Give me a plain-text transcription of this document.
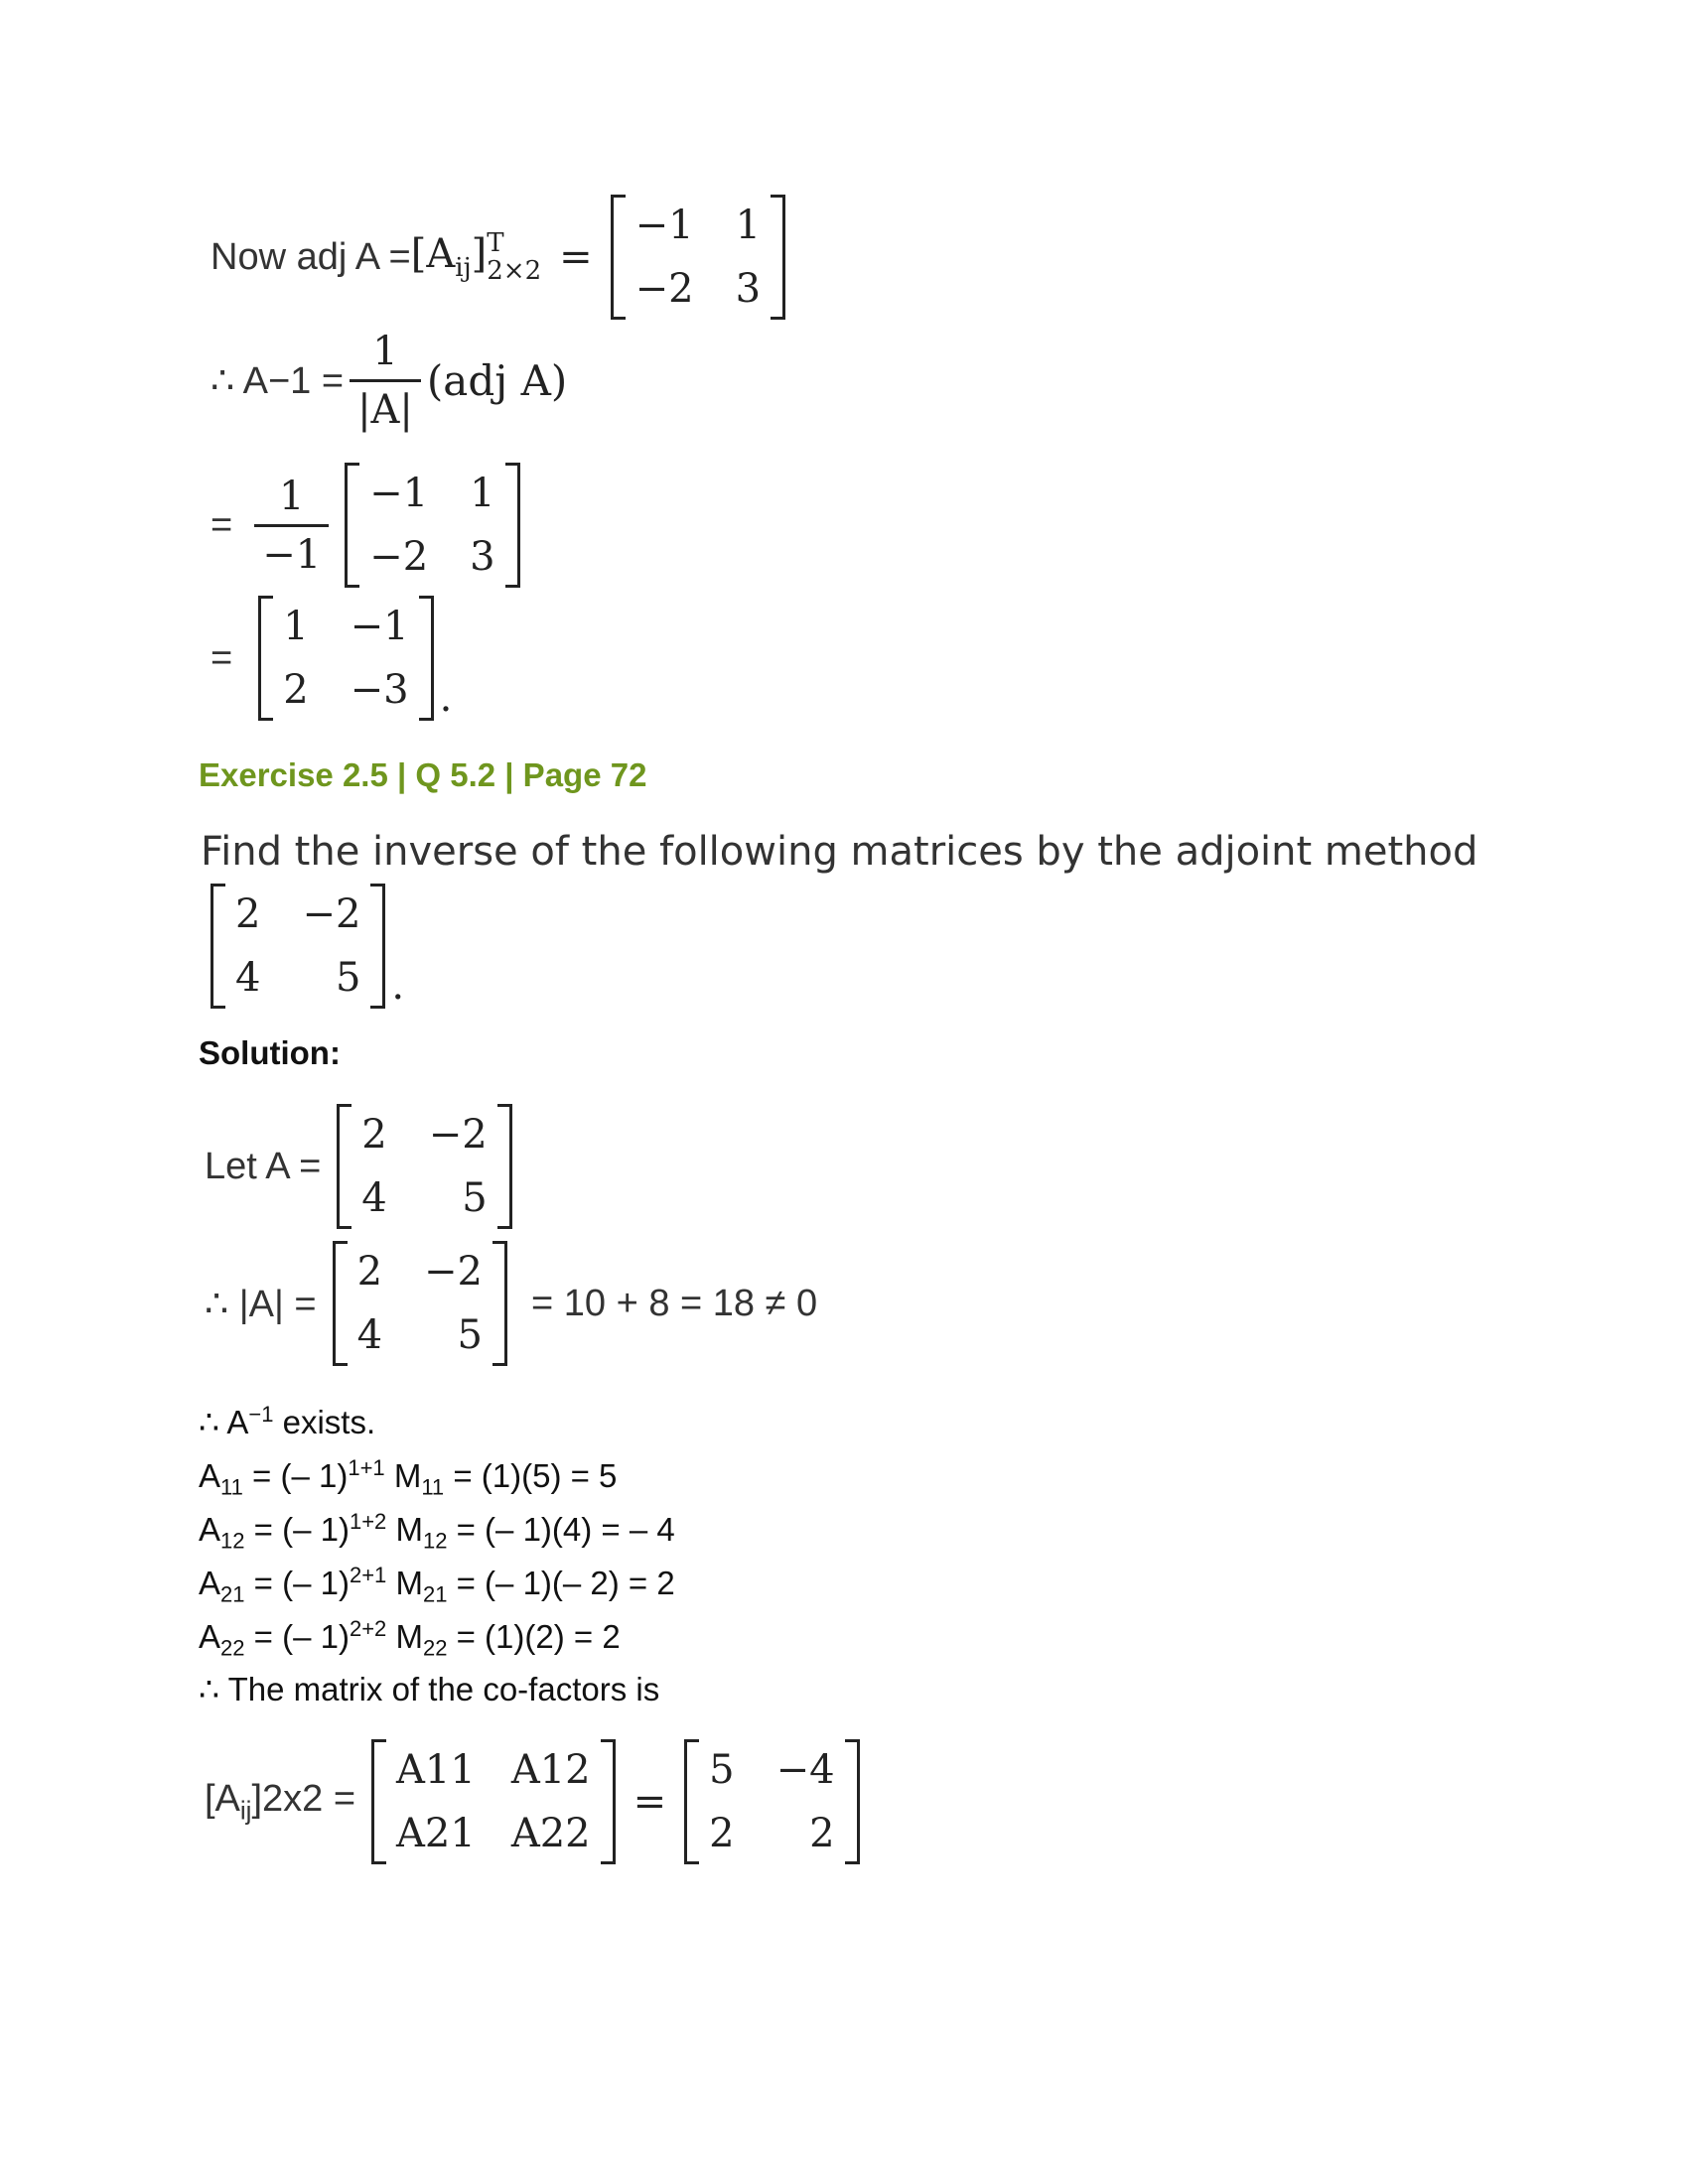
Now adj $A = [A_{ij}]$ T
2×2 =
−1 1
−2 3
∴ $A-1 = \frac{1}{|A|} (adj$ A)
= $\frac{1}{-1} -1$ 1
−2 3
=
1 −1
2 −3 .
Exercise 2.5 | Q 5.2 | Page 72
Find the inverse of the following matrices by the adjoint method
2 −2
4	5 .
Solution:
Let A =
2 −2
4	5
∴ |A| =
2 −2
4	5
= 10 + 8 = 18 ≠ 0
∴ $A^{-1}$ exists.
$A_{11}$ = (– 1)$^{1+1}$ $M_{11} = (1)(5) = 5$
$A_{12}$ = (– 1)$^{1+2}$ $M_{12}$ = (– 1)(4) = – 4
$A_{21}$ = (– 1)$^{2+1}$ $M_{21}$ = (– 1)(– 2) = 2
$A_{22}$ = (– 1)$^{2+2}$ $M_{22} = (1)(2) = 2$
∴ The matrix of the co-factors is
$[A_{ij}]2x2$ =
A11 A12
A21 A22
=
5 −4
2	2
